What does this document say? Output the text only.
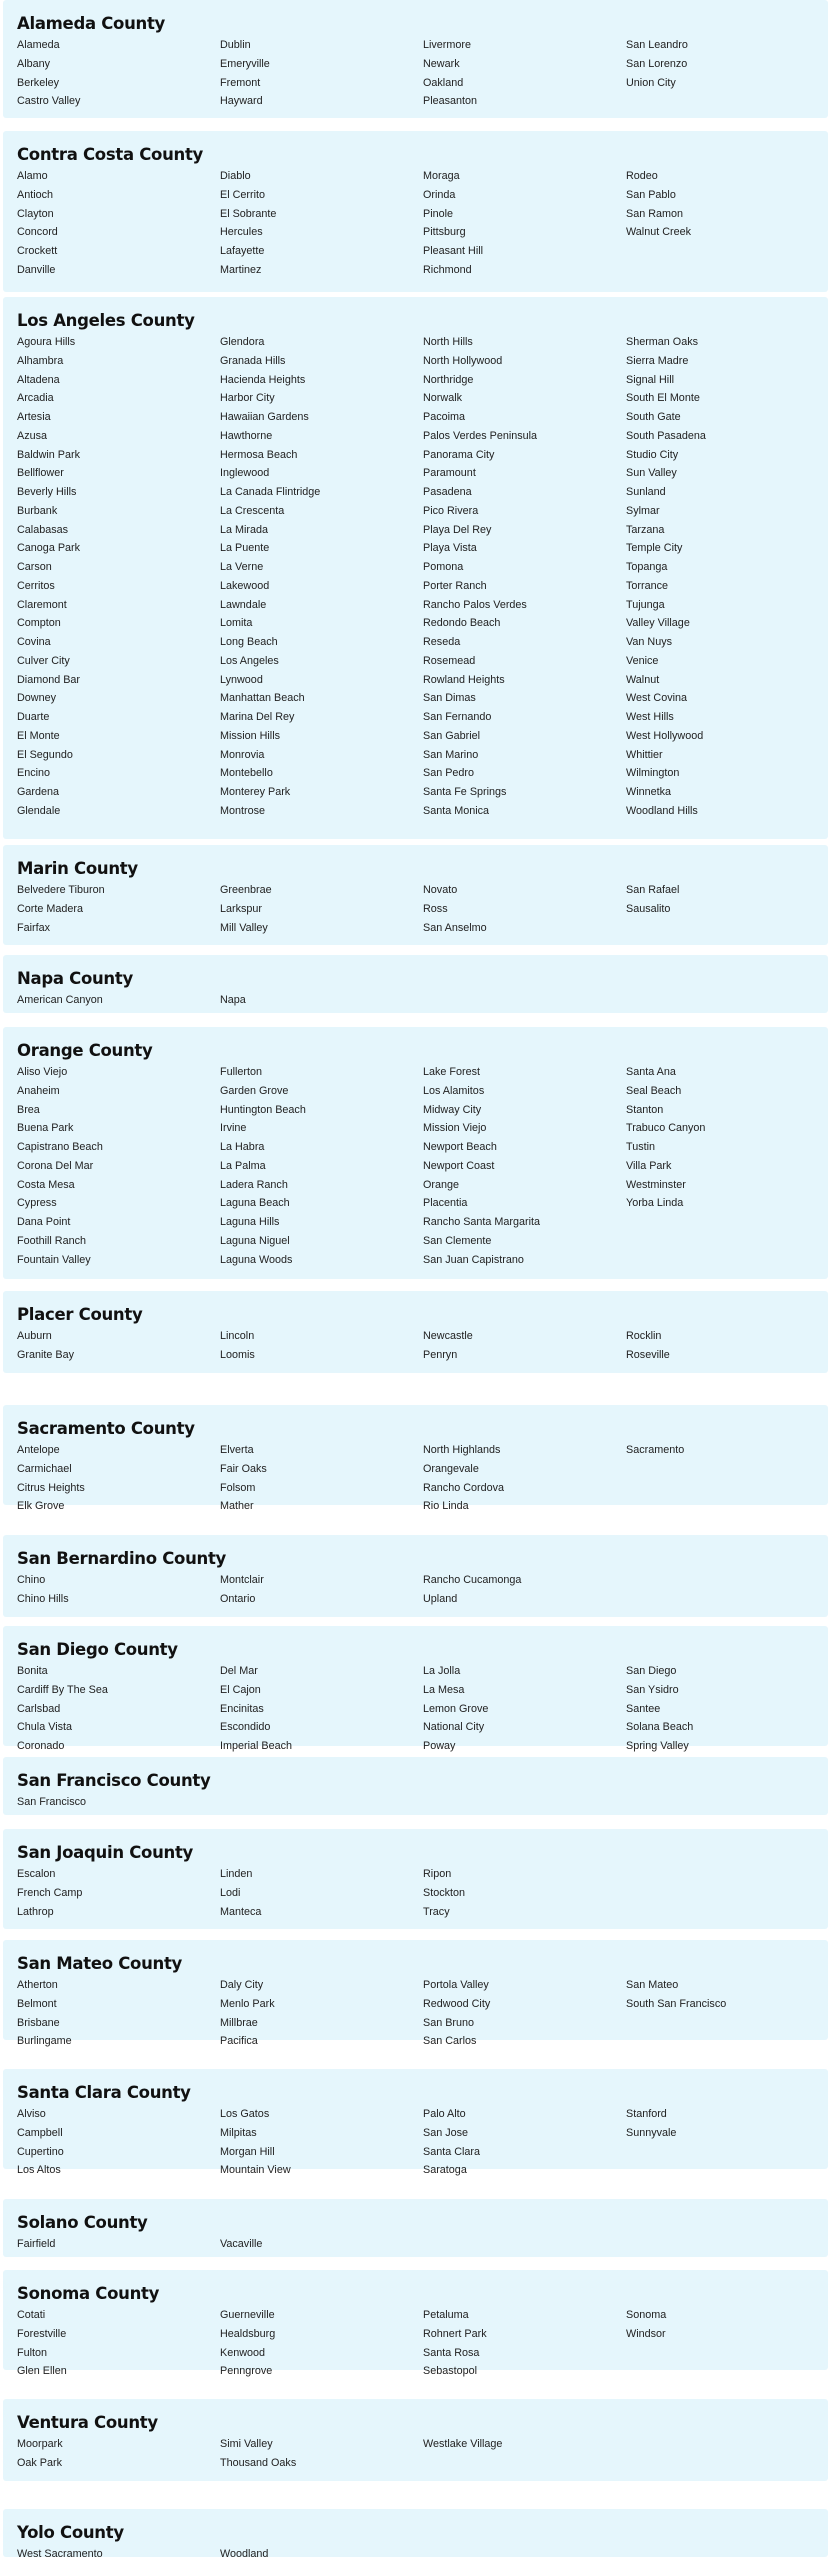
Alameda County
Alameda	Dublin	Livermore	San Leandro
Albany	Emeryville	Newark	San Lorenzo
Berkeley	Fremont	Oakland	Union City
Castro Valley	Hayward	Pleasanton
Contra Costa County
Alamo	Diablo	Moraga	Rodeo
Antioch	El Cerrito	Orinda	San Pablo
Clayton	El Sobrante	Pinole	San Ramon
Concord	Hercules	Pittsburg	Walnut Creek
Crockett	Lafayette	Pleasant Hill
Danville	Martinez	Richmond
Los Angeles County
Agoura Hills	Glendora	North Hills	Sherman Oaks
Alhambra	Granada Hills	North Hollywood	Sierra Madre
Altadena	Hacienda Heights	Northridge	Signal Hill
Arcadia	Harbor City	Norwalk	South El Monte
Artesia	Hawaiian Gardens	Pacoima	South Gate
Azusa	Hawthorne	Palos Verdes Peninsula	South Pasadena
Baldwin Park	Hermosa Beach	Panorama City	Studio City
Bellflower	Inglewood	Paramount	Sun Valley
Beverly Hills	La Canada Flintridge	Pasadena	Sunland
Burbank	La Crescenta	Pico Rivera	Sylmar
Calabasas	La Mirada	Playa Del Rey	Tarzana
Canoga Park	La Puente	Playa Vista	Temple City
Carson	La Verne	Pomona	Topanga
Cerritos	Lakewood	Porter Ranch	Torrance
Claremont	Lawndale	Rancho Palos Verdes	Tujunga
Compton	Lomita	Redondo Beach	Valley Village
Covina	Long Beach	Reseda	Van Nuys
Culver City	Los Angeles	Rosemead	Venice
Diamond Bar	Lynwood	Rowland Heights	Walnut
Downey	Manhattan Beach	San Dimas	West Covina
Duarte	Marina Del Rey	San Fernando	West Hills
El Monte	Mission Hills	San Gabriel	West Hollywood
El Segundo	Monrovia	San Marino	Whittier
Encino	Montebello	San Pedro	Wilmington
Gardena	Monterey Park	Santa Fe Springs	Winnetka
Glendale	Montrose	Santa Monica	Woodland Hills
Marin County
Belvedere Tiburon	Greenbrae	Novato	San Rafael
Corte Madera	Larkspur	Ross	Sausalito
Fairfax	Mill Valley	San Anselmo
Napa County
American Canyon	Napa
Orange County
Aliso Viejo	Fullerton	Lake Forest	Santa Ana
Anaheim	Garden Grove	Los Alamitos	Seal Beach
Brea	Huntington Beach	Midway City	Stanton
Buena Park	Irvine	Mission Viejo	Trabuco Canyon
Capistrano Beach	La Habra	Newport Beach	Tustin
Corona Del Mar	La Palma	Newport Coast	Villa Park
Costa Mesa	Ladera Ranch	Orange	Westminster
Cypress	Laguna Beach	Placentia	Yorba Linda
Dana Point	Laguna Hills	Rancho Santa Margarita
Foothill Ranch	Laguna Niguel	San Clemente
Fountain Valley	Laguna Woods	San Juan Capistrano
Placer County
Auburn	Lincoln	Newcastle	Rocklin
Granite Bay	Loomis	Penryn	Roseville
Sacramento County
Antelope	Elverta	North Highlands	Sacramento
Carmichael	Fair Oaks	Orangevale
Citrus Heights	Folsom	Rancho Cordova
Elk Grove	Mather	Rio Linda
San Bernardino County
Chino	Montclair	Rancho Cucamonga
Chino Hills	Ontario	Upland
San Diego County
Bonita	Del Mar	La Jolla	San Diego
Cardiff By The Sea	El Cajon	La Mesa	San Ysidro
Carlsbad	Encinitas	Lemon Grove	Santee
Chula Vista	Escondido	National City	Solana Beach
Coronado	Imperial Beach	Poway	Spring Valley
San Francisco County
San Francisco
San Joaquin County
Escalon	Linden	Ripon
French Camp	Lodi	Stockton
Lathrop	Manteca	Tracy
San Mateo County
Atherton	Daly City	Portola Valley	San Mateo
Belmont	Menlo Park	Redwood City	South San Francisco
Brisbane	Millbrae	San Bruno
Burlingame	Pacifica	San Carlos
Santa Clara County
Alviso	Los Gatos	Palo Alto	Stanford
Campbell	Milpitas	San Jose	Sunnyvale
Cupertino	Morgan Hill	Santa Clara
Los Altos	Mountain View	Saratoga
Solano County
Fairfield	Vacaville
Sonoma County
Cotati	Guerneville	Petaluma	Sonoma
Forestville	Healdsburg	Rohnert Park	Windsor
Fulton	Kenwood	Santa Rosa
Glen Ellen	Penngrove	Sebastopol
Ventura County
Moorpark	Simi Valley	Westlake Village
Oak Park	Thousand Oaks
Yolo County
West Sacramento	Woodland
